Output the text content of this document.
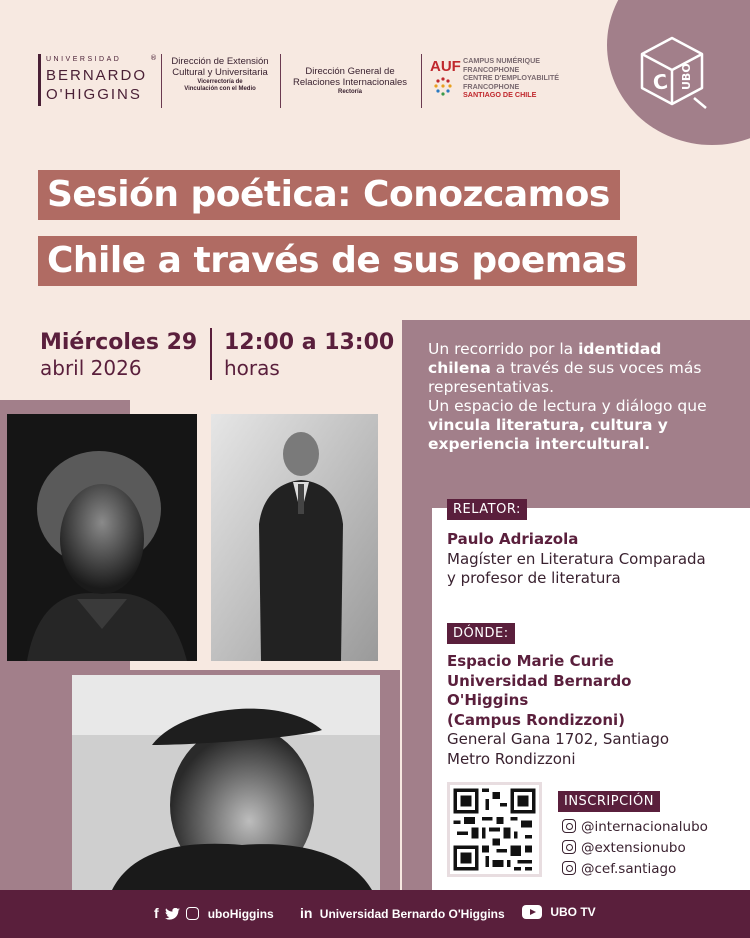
C UBO
UNIVERSIDAD
BERNARDO
O'HIGGINS
®	Dirección de Extensión
Cultural y Universitaria
Vicerrectoría de
Vinculación con el Medio
Dirección General de
Relaciones Internacionales
Rectoría
AUF CAMPUS NUMÉRIQUE
FRANCOPHONE
CENTRE D'EMPLOYABILITÉ
FRANCOPHONE
SANTIAGO DE CHILE
Sesión poética: Conozcamos
Chile a través de sus poemas
Miércoles 29
abril 2026
12:00 a 13:00
horas
Un recorrido por la identidad chilena a través de sus voces más representativas.
Un espacio de lectura y diálogo que vincula literatura, cultura y experiencia intercultural.
RELATOR:
Paulo Adriazola
Magíster en Literatura Comparada y profesor de literatura
DÓNDE:
Espacio Marie Curie
Universidad Bernardo
O'Higgins
(Campus Rondizzoni)
General Gana 1702, Santiago
Metro Rondizzoni
INSCRIPCIÓN
@internacionalubo
@extensionubo
@cef.santiago
f	uboHiggins in Universidad Bernardo O'Higgins	UBO TV
